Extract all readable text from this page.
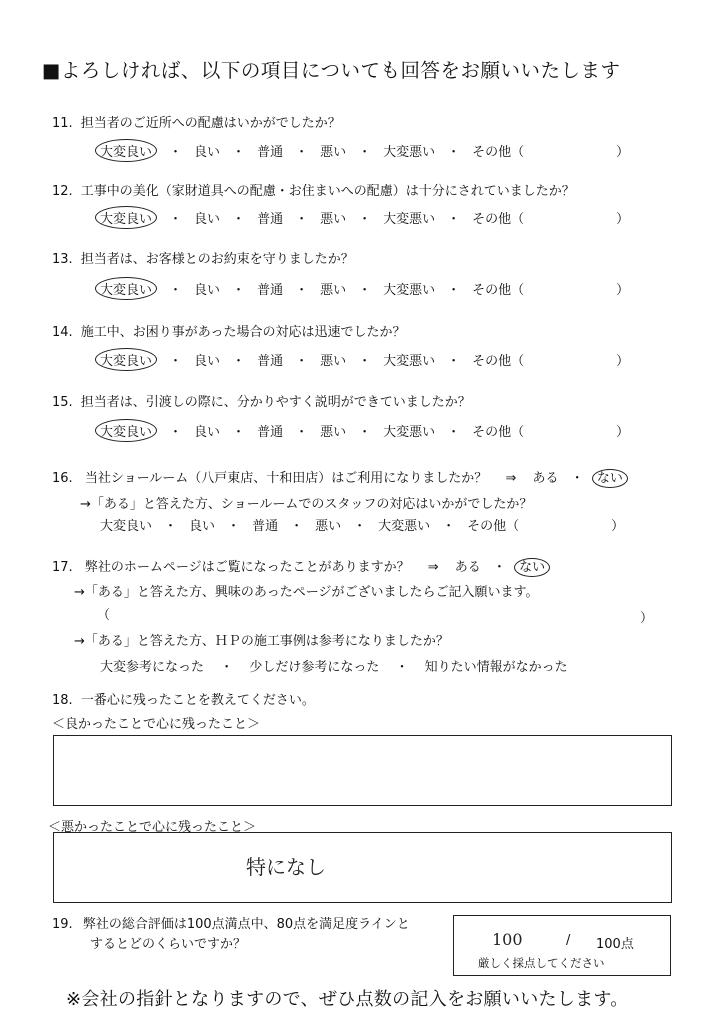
■よろしければ、以下の項目についても回答をお願いいたします
11. 担当者のご近所への配慮はいかがでしたか？
大変良い ・ 良い ・ 普通 ・ 悪い ・ 大変悪い ・ その他（	）
12. 工事中の美化（家財道具への配慮・お住まいへの配慮）は十分にされていましたか？
大変良い ・ 良い ・ 普通 ・ 悪い ・ 大変悪い ・ その他（	）
13. 担当者は、お客様とのお約束を守りましたか？
大変良い ・ 良い ・ 普通 ・ 悪い ・ 大変悪い ・ その他（	）
14. 施工中、お困り事があった場合の対応は迅速でしたか？
大変良い ・ 良い ・ 普通 ・ 悪い ・ 大変悪い ・ その他（	）
15. 担当者は、引渡しの際に、分かりやすく説明ができていましたか？
大変良い ・ 良い ・ 普通 ・ 悪い ・ 大変悪い ・ その他（	）
16. 当社ショールーム（八戸東店、十和田店）はご利用になりましたか？ ⇒ ある ・ ない
→「ある」と答えた方、ショールームでのスタッフの対応はいかがでしたか？
大変良い ・ 良い ・ 普通 ・ 悪い ・ 大変悪い ・ その他（	）
17. 弊社のホームページはご覧になったことがありますか？ ⇒ ある ・ ない
→「ある」と答えた方、興味のあったページがございましたらご記入願います。
（	）
→「ある」と答えた方、ＨＰの施工事例は参考になりましたか？
大変参考になった ・ 少しだけ参考になった ・ 知りたい情報がなかった
18. 一番心に残ったことを教えてください。
＜良かったことで心に残ったこと＞
＜悪かったことで心に残ったこと＞
特になし
19. 弊社の総合評価は100点満点中、80点を満足度ラインと
するとどのくらいですか？	100	/ 100点
厳しく採点してください
※会社の指針となりますので、ぜひ点数の記入をお願いいたします。
